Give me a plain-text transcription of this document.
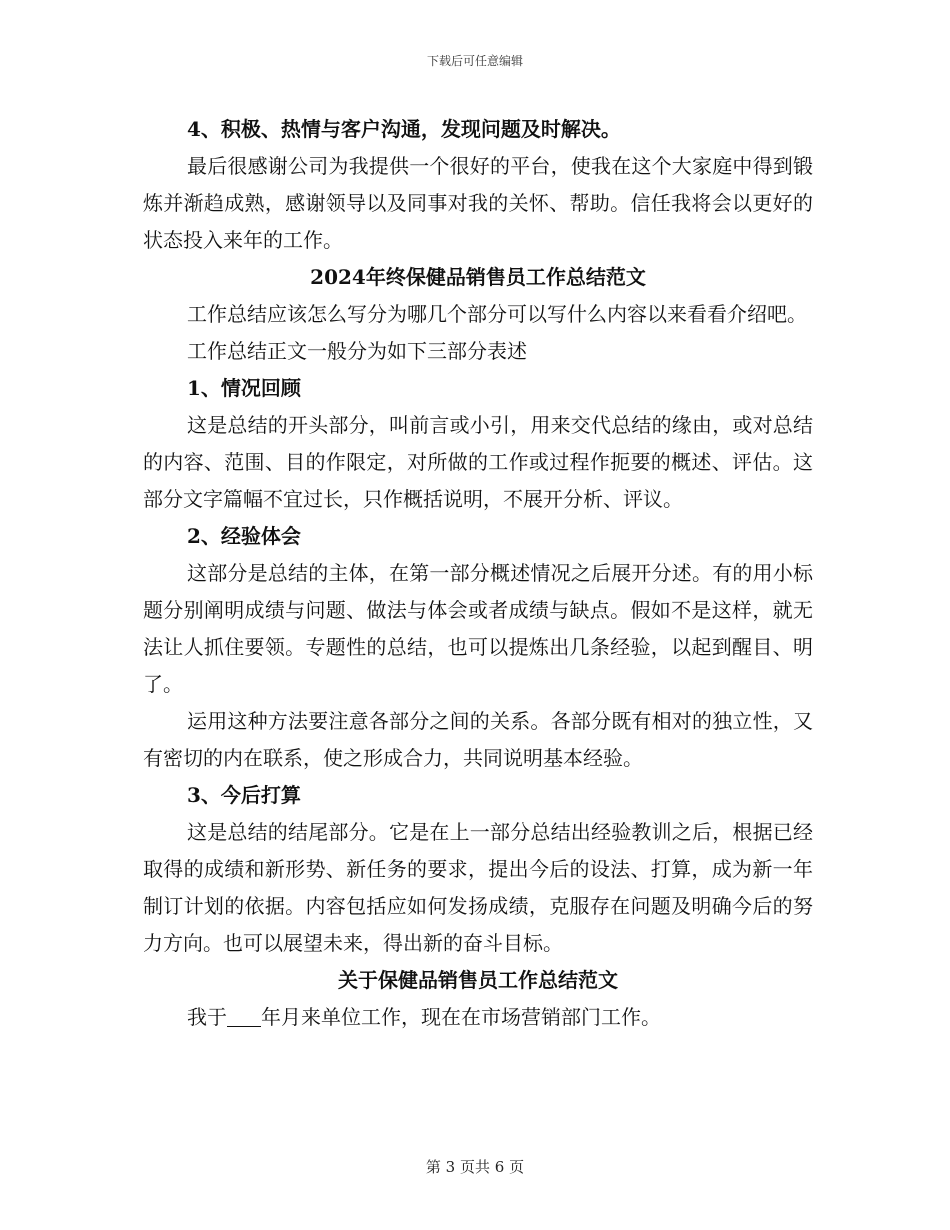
下载后可任意编辑

4、积极、热情与客户沟通，发现问题及时解决。

最后很感谢公司为我提供一个很好的平台，使我在这个大家庭中得到锻炼并渐趋成熟，感谢领导以及同事对我的关怀、帮助。信任我将会以更好的状态投入来年的工作。

2024年终保健品销售员工作总结范文

工作总结应该怎么写分为哪几个部分可以写什么内容以来看看介绍吧。

工作总结正文一般分为如下三部分表述

1、情况回顾

这是总结的开头部分，叫前言或小引，用来交代总结的缘由，或对总结的内容、范围、目的作限定，对所做的工作或过程作扼要的概述、评估。这部分文字篇幅不宜过长，只作概括说明，不展开分析、评议。

2、经验体会

这部分是总结的主体，在第一部分概述情况之后展开分述。有的用小标题分别阐明成绩与问题、做法与体会或者成绩与缺点。假如不是这样，就无法让人抓住要领。专题性的总结，也可以提炼出几条经验，以起到醒目、明了。

运用这种方法要注意各部分之间的关系。各部分既有相对的独立性，又有密切的内在联系，使之形成合力，共同说明基本经验。

3、今后打算

这是总结的结尾部分。它是在上一部分总结出经验教训之后，根据已经取得的成绩和新形势、新任务的要求，提出今后的设法、打算，成为新一年制订计划的依据。内容包括应如何发扬成绩，克服存在问题及明确今后的努力方向。也可以展望未来，得出新的奋斗目标。

关于保健品销售员工作总结范文

我于 年月来单位工作，现在在市场营销部门工作。

第 3 页共 6 页
